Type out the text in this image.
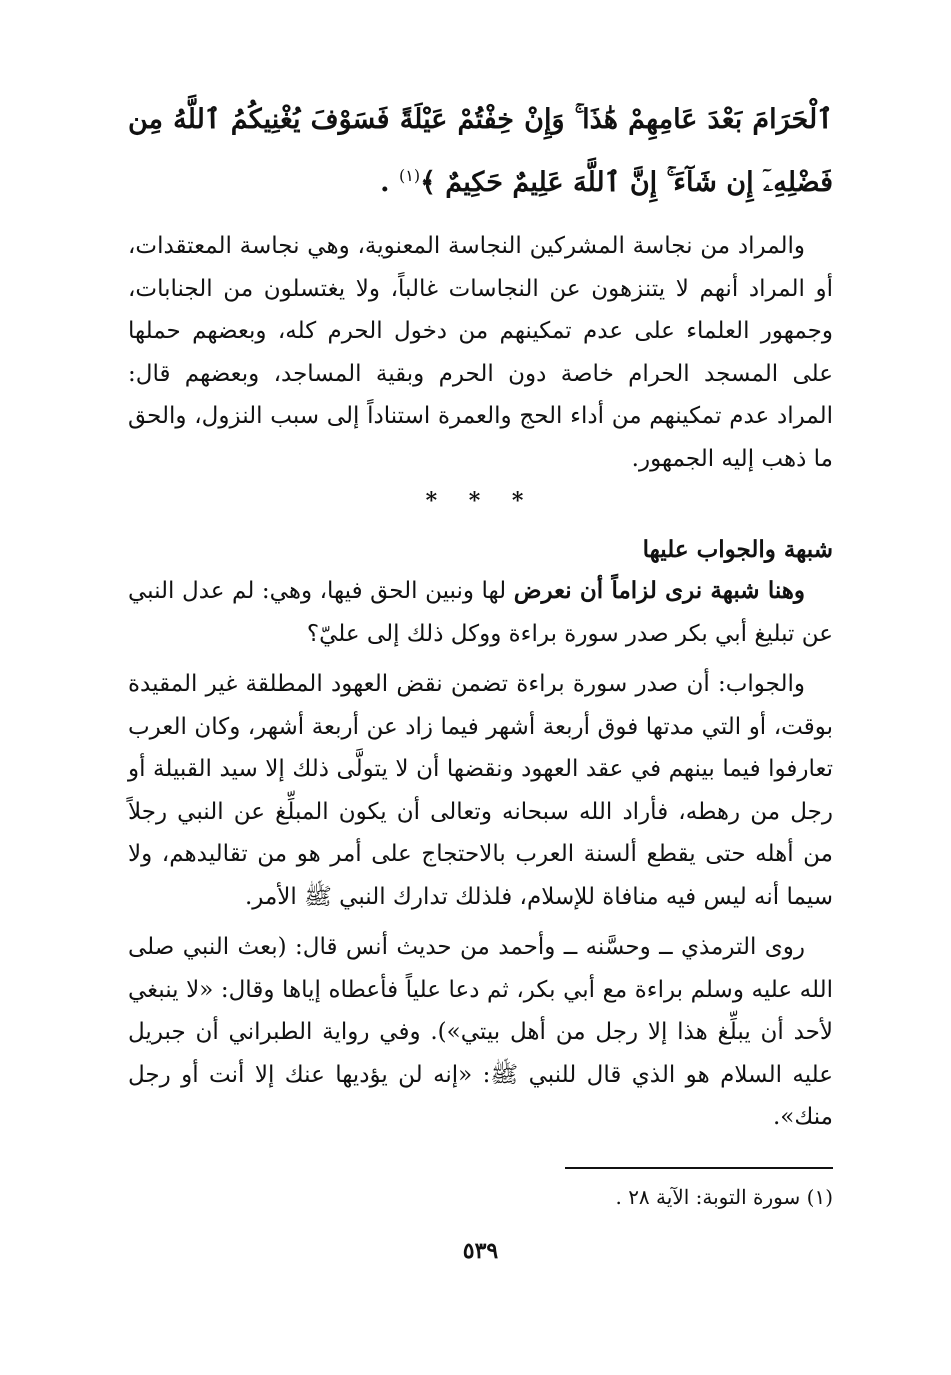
ٱلْحَرَامَ بَعْدَ عَامِهِمْ هَٰذَا ۚ وَإِنْ خِفْتُمْ عَيْلَةً فَسَوْفَ يُغْنِيكُمُ ٱللَّهُ مِن فَضْلِهِۦٓ إِن شَآءَ ۚ إِنَّ ٱللَّهَ عَلِيمٌ حَكِيمٌ ﴾$^{(١)}$ .

والمراد من نجاسة المشركين النجاسة المعنوية، وهي نجاسة المعتقدات، أو المراد أنهم لا يتنزهون عن النجاسات غالباً، ولا يغتسلون من الجنابات، وجمهور العلماء على عدم تمكينهم من دخول الحرم كله، وبعضهم حملها على المسجد الحرام خاصة دون الحرم وبقية المساجد، وبعضهم قال: المراد عدم تمكينهم من أداء الحج والعمرة استناداً إلى سبب النزول، والحق ما ذهب إليه الجمهور.

* * *

شبهة والجواب عليها

وهنا شبهة نرى لزاماً أن نعرض لها ونبين الحق فيها، وهي: لم عدل النبي عن تبليغ أبي بكر صدر سورة براءة ووكل ذلك إلى عليّ؟

والجواب: أن صدر سورة براءة تضمن نقض العهود المطلقة غير المقيدة بوقت، أو التي مدتها فوق أربعة أشهر فيما زاد عن أربعة أشهر، وكان العرب تعارفوا فيما بينهم في عقد العهود ونقضها أن لا يتولَّى ذلك إلا سيد القبيلة أو رجل من رهطه، فأراد الله سبحانه وتعالى أن يكون المبلِّغ عن النبي رجلاً من أهله حتى يقطع ألسنة العرب بالاحتجاج على أمر هو من تقاليدهم، ولا سيما أنه ليس فيه منافاة للإسلام، فلذلك تدارك النبي ﷺ الأمر.

روى الترمذي ــ وحسَّنه ــ وأحمد من حديث أنس قال: (بعث النبي صلى الله عليه وسلم براءة مع أبي بكر، ثم دعا علياً فأعطاه إياها وقال: «لا ينبغي لأحد أن يبلِّغ هذا إلا رجل من أهل بيتي»). وفي رواية الطبراني أن جبريل عليه السلام هو الذي قال للنبي ﷺ: «إنه لن يؤديها عنك إلا أنت أو رجل منك».

(١) سورة التوبة: الآية ٢٨ .

٥٣٩
